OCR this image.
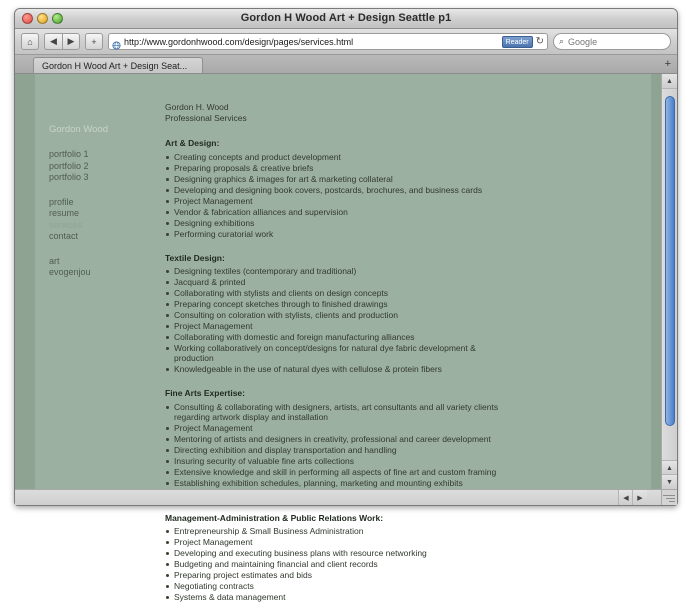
Gordon H Wood Art + Design Seattle p1
⌂	◀	▶	+	http://www.gordonhwood.com/design/pages/services.html	Reader ↻ ⌕ Google
Gordon H Wood Art + Design Seat...	+
Gordon Wood
portfolio 1
portfolio 2
portfolio 3
profile
resume
services
contact
art
evogenjou
Gordon H. Wood
Professional Services
Art & Design:
Creating concepts and product development
Preparing proposals & creative briefs
Designing graphics & images for art & marketing collateral
Developing and designing book covers, postcards, brochures, and business cards
Project Management
Vendor & fabrication alliances and supervision
Designing exhibitions
Performing curatorial work
Textile Design:
Designing textiles (contemporary and traditional)
Jacquard & printed
Collaborating with stylists and clients on design concepts
Preparing concept sketches through to finished drawings
Consulting on coloration with stylists, clients and production
Project Management
Collaborating with domestic and foreign manufacturing alliances
Working collaboratively on concept/designs for natural dye fabric development & production
Knowledgeable in the use of natural dyes with cellulose & protein fibers
Fine Arts Expertise:
Consulting & collaborating with designers, artists, art consultants and all variety clients regarding artwork display and installation
Project Management
Mentoring of artists and designers in creativity, professional and career development
Directing exhibition and display transportation and handling
Insuring security of valuable fine arts collections
Extensive knowledge and skill in performing all aspects of fine art and custom framing
Establishing exhibition schedules, planning, marketing and mounting exhibits
Management-Administration & Public Relations Work:
Entrepreneurship & Small Business Administration
Project Management
Developing and executing business plans with resource networking
Budgeting and maintaining financial and client records
Preparing project estimates and bids
Negotiating contracts
Systems & data management
▲
▲
▼
◀	▶
